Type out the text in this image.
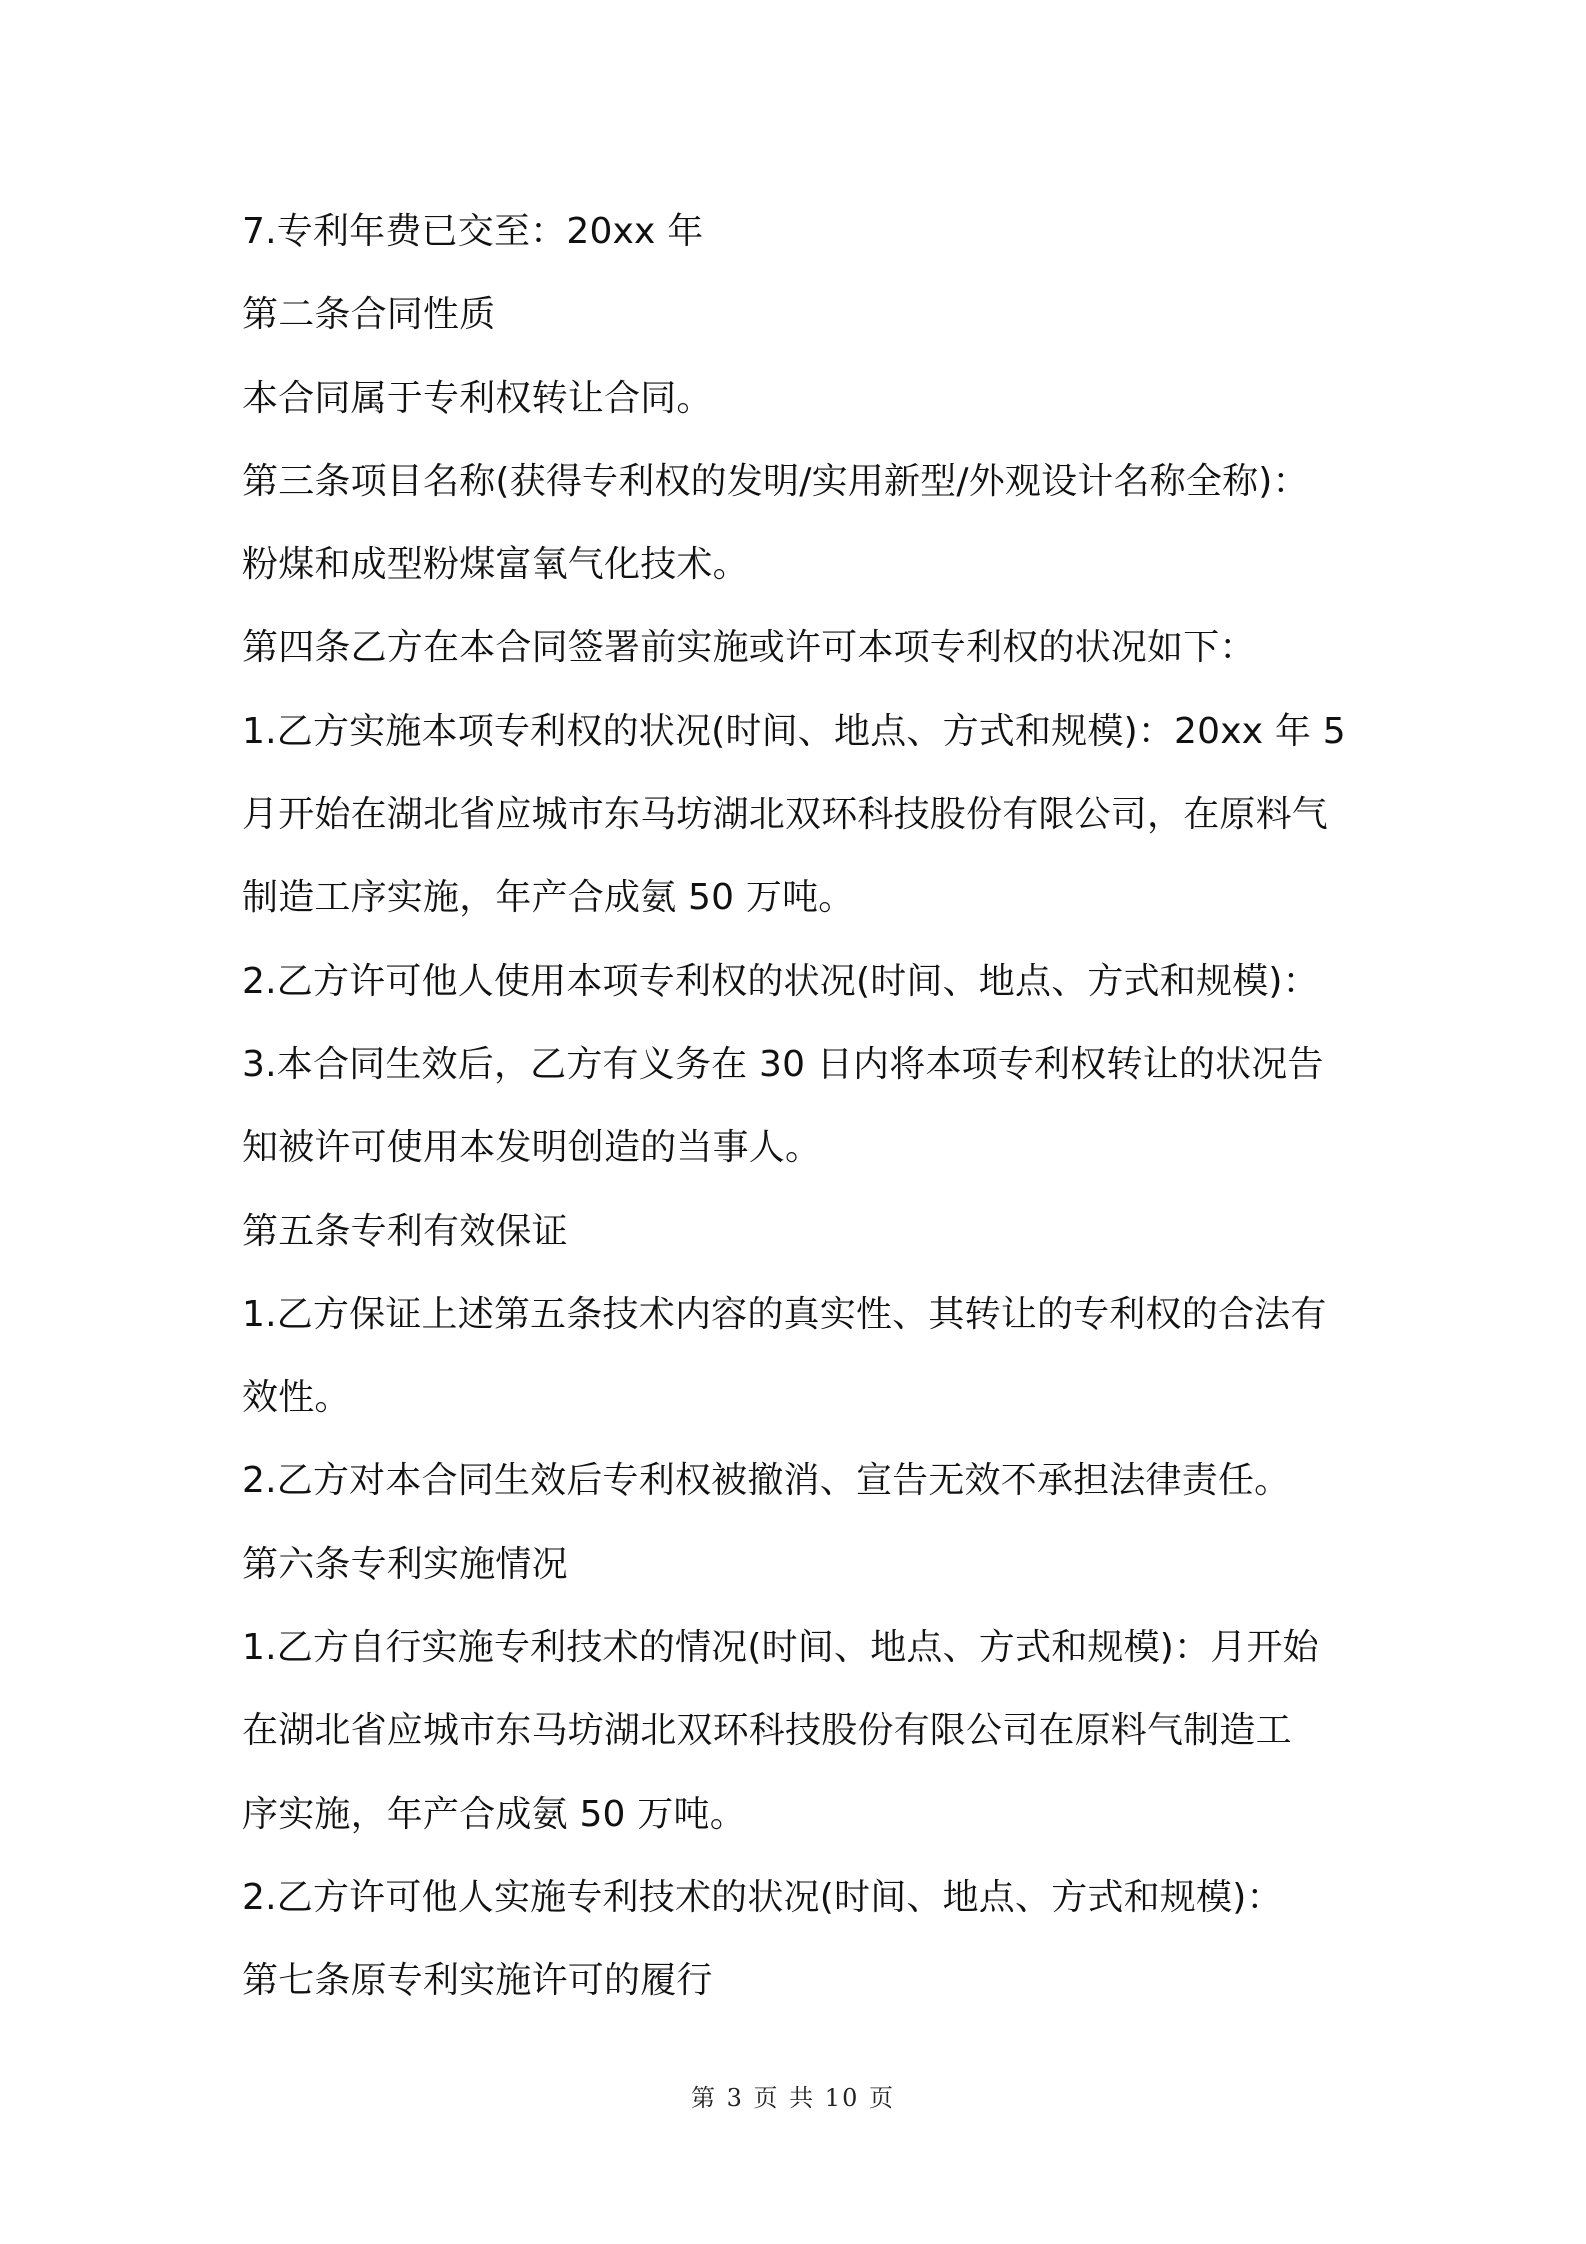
7.专利年费已交至：20xx 年
第二条合同性质
本合同属于专利权转让合同。
第三条项目名称(获得专利权的发明/实用新型/外观设计名称全称)：
粉煤和成型粉煤富氧气化技术。
第四条乙方在本合同签署前实施或许可本项专利权的状况如下：
1.乙方实施本项专利权的状况(时间、地点、方式和规模)：20xx 年 5
月开始在湖北省应城市东马坊湖北双环科技股份有限公司，在原料气
制造工序实施，年产合成氨 50 万吨。
2.乙方许可他人使用本项专利权的状况(时间、地点、方式和规模)：
3.本合同生效后，乙方有义务在 30 日内将本项专利权转让的状况告
知被许可使用本发明创造的当事人。
第五条专利有效保证
1.乙方保证上述第五条技术内容的真实性、其转让的专利权的合法有
效性。
2.乙方对本合同生效后专利权被撤消、宣告无效不承担法律责任。
第六条专利实施情况
1.乙方自行实施专利技术的情况(时间、地点、方式和规模)：月开始
在湖北省应城市东马坊湖北双环科技股份有限公司在原料气制造工
序实施，年产合成氨 50 万吨。
2.乙方许可他人实施专利技术的状况(时间、地点、方式和规模)：
第七条原专利实施许可的履行
第 3 页 共 10 页
